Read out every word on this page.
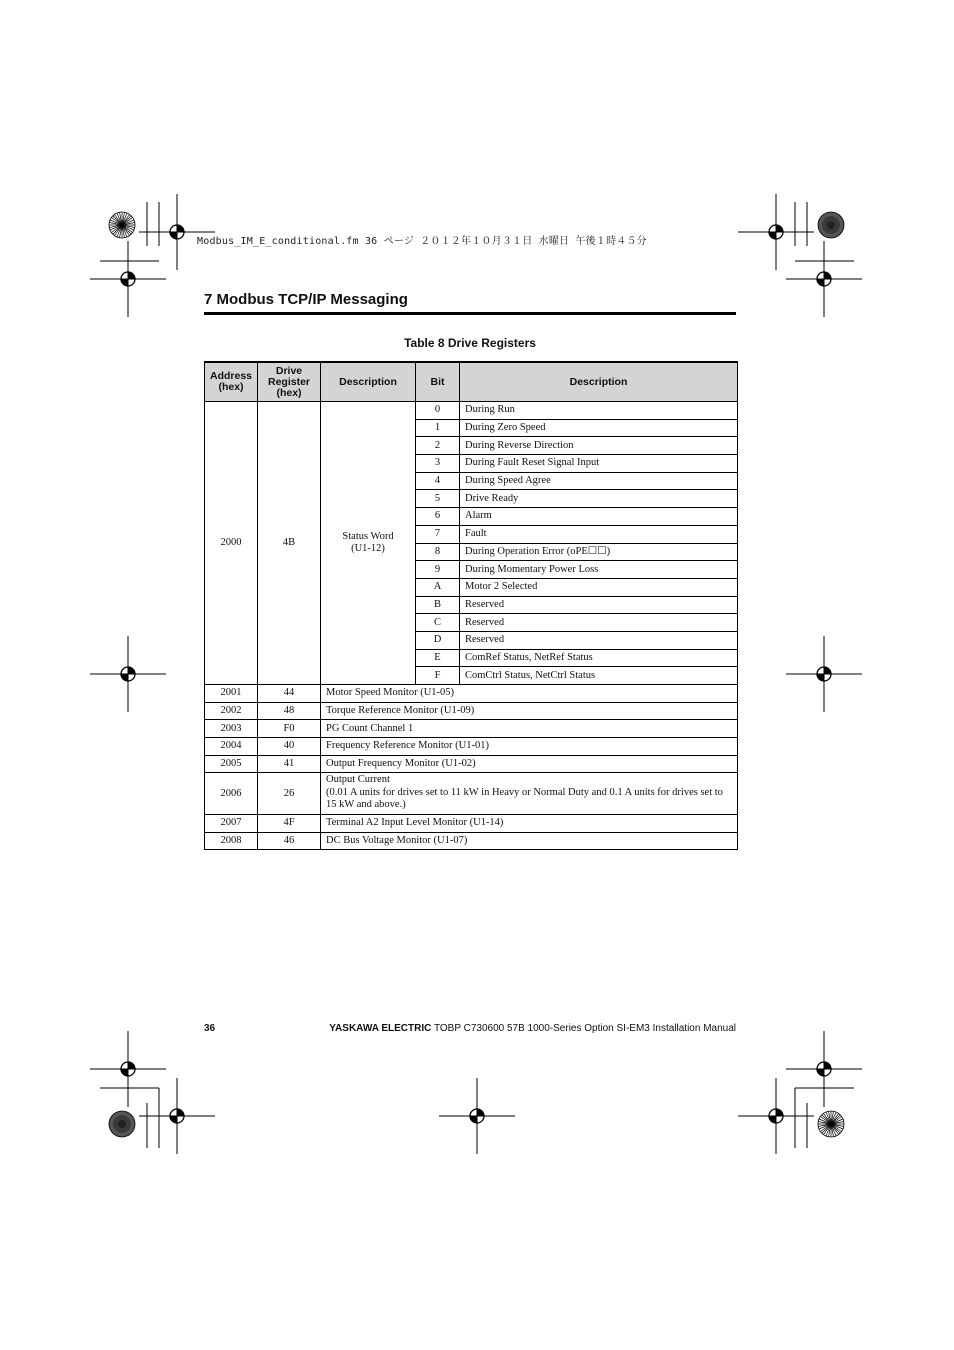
Modbus_IM_E_conditional.fm 36 ページ ２０１２年１０月３１日 水曜日 午後１時４５分
7 Modbus TCP/IP Messaging
Table 8 Drive Registers
Address (hex)	Drive Register (hex)	Description	Bit	Description
2000	4B	Status Word (U1-12)	0	During Run
			1	During Zero Speed
			2	During Reverse Direction
			3	During Fault Reset Signal Input
			4	During Speed Agree
			5	Drive Ready
			6	Alarm
			7	Fault
			8	During Operation Error (oPE☐☐)
			9	During Momentary Power Loss
			A	Motor 2 Selected
			B	Reserved
			C	Reserved
			D	Reserved
			E	ComRef Status, NetRef Status
			F	ComCtrl Status, NetCtrl Status
2001	44	Motor Speed Monitor (U1-05)		
2002	48	Torque Reference Monitor (U1-09)		
2003	F0	PG Count Channel 1		
2004	40	Frequency Reference Monitor (U1-01)		
2005	41	Output Frequency Monitor (U1-02)		
2006	26	Output Current
(0.01 A units for drives set to 11 kW in Heavy or Normal Duty and 0.1 A units for drives set to 15 kW and above.)		
2007	4F	Terminal A2 Input Level Monitor (U1-14)		
2008	46	DC Bus Voltage Monitor (U1-07)		
36	YASKAWA ELECTRIC TOBP C730600 57B 1000-Series Option SI-EM3 Installation Manual
